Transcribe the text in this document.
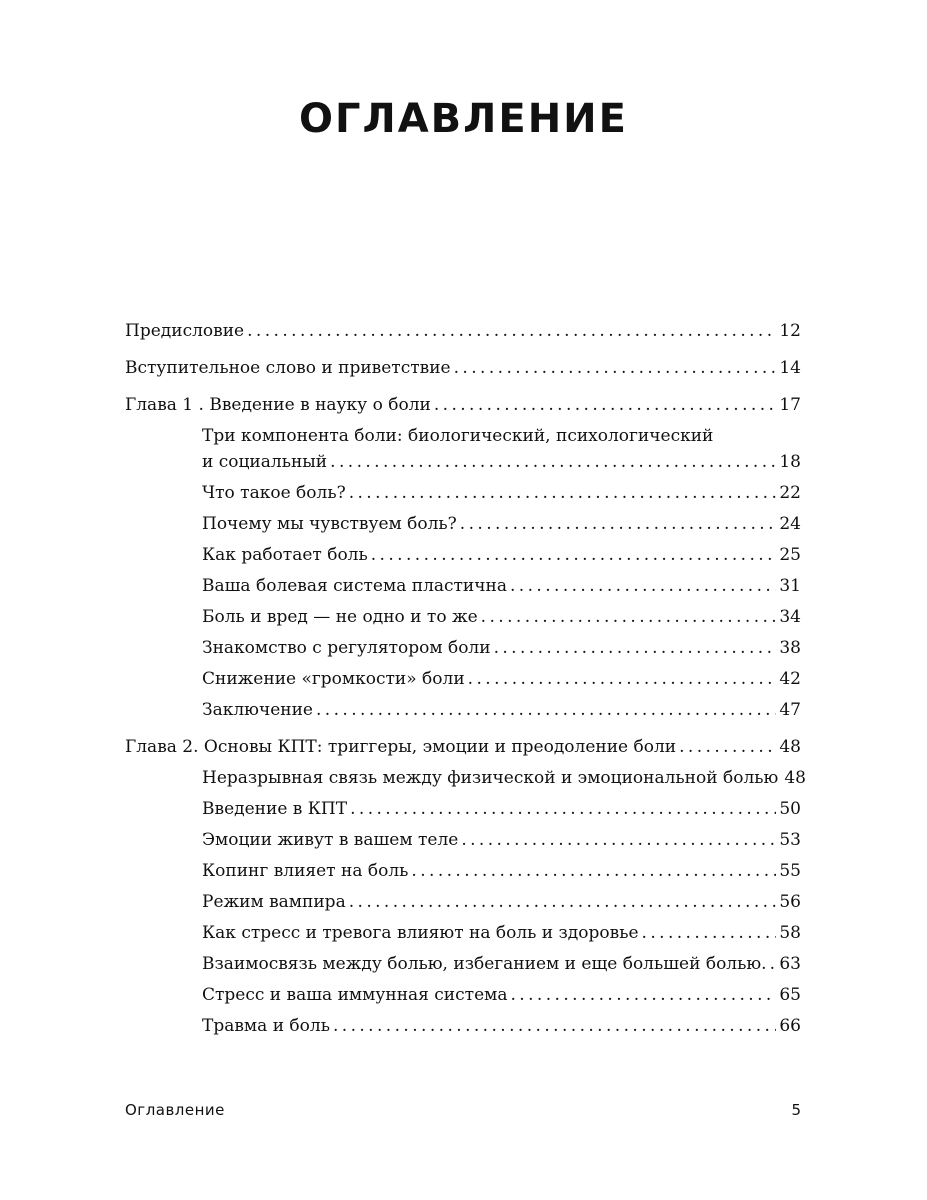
ОГЛАВЛЕНИЕ
Предисловие . . .	12
Вступительное слово и приветствие . . .	14
Глава 1 . Введение в науку о боли . . .	17
Три компонента боли: биологический, психологический
и социальный . . .	18
Что такое боль? . . .	22
Почему мы чувствуем боль? . . .	24
Как работает боль . . .	25
Ваша болевая система пластична . . .	31
Боль и вред — не одно и то же . . .	34
Знакомство с регулятором боли . . .	38
Снижение «громкости» боли . . .	42
Заключение . . .	47
Глава 2. Основы КПТ: триггеры, эмоции и преодоление боли . . .	48
Неразрывная связь между физической и эмоциональной болью 48
Введение в КПТ . . .	50
Эмоции живут в вашем теле . . .	53
Копинг влияет на боль . . .	55
Режим вампира . . .	56
Как стресс и тревога влияют на боль и здоровье . . .	58
Взаимосвязь между болью, избеганием и еще большей болью. . . . 63
Стресс и ваша иммунная система . . .	65
Травма и боль . . .	66
Оглавление	5
